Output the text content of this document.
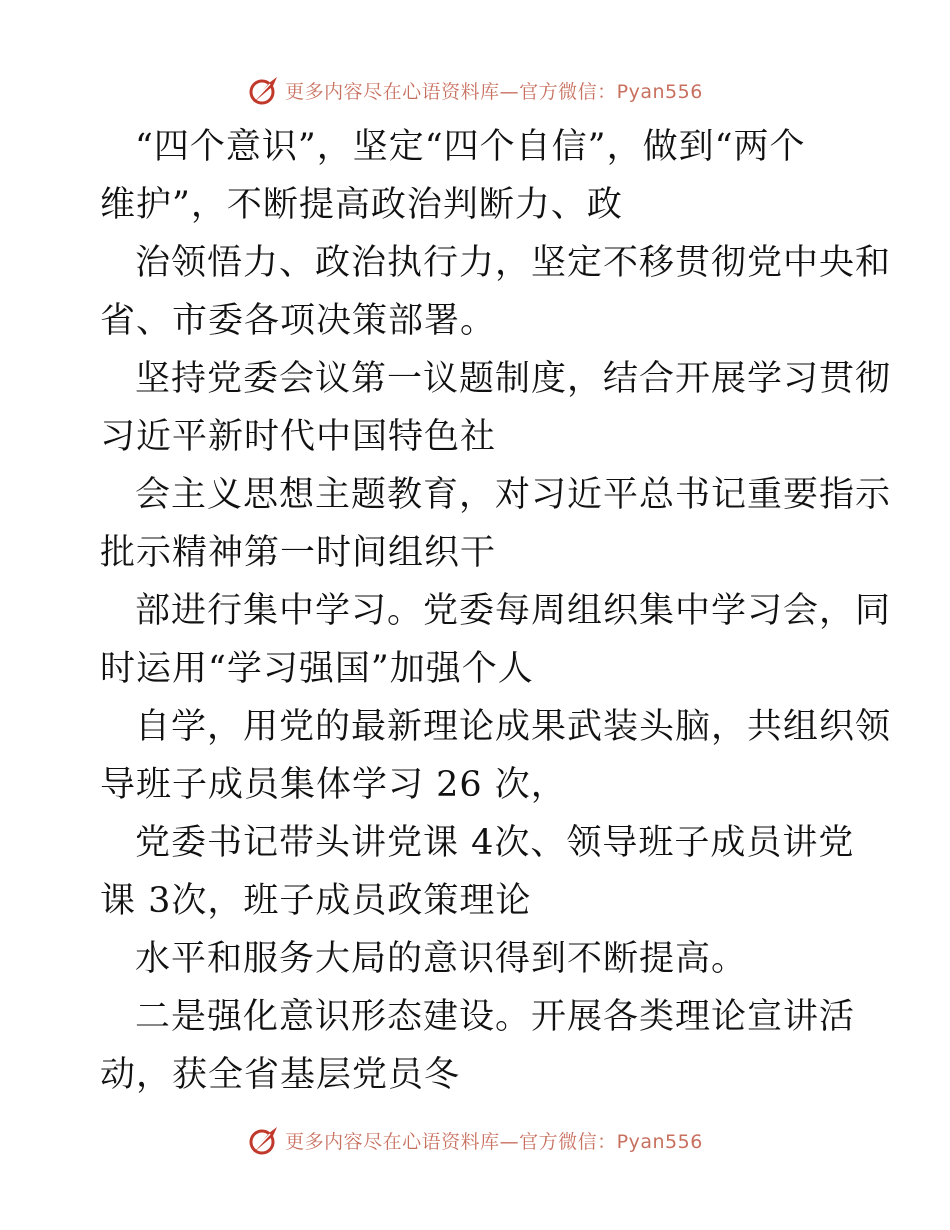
更多内容尽在心语资料库—官方微信：Pyan556
“四个意识”，坚定“四个自信”，做到“两个
维护”，不断提高政治判断力、政
治领悟力、政治执行力，坚定不移贯彻党中央和
省、市委各项决策部署。
坚持党委会议第一议题制度，结合开展学习贯彻
习近平新时代中国特色社
会主义思想主题教育，对习近平总书记重要指示
批示精神第一时间组织干
部进行集中学习。党委每周组织集中学习会，同
时运用“学习强国”加强个人
自学，用党的最新理论成果武装头脑，共组织领
导班子成员集体学习 26 次，
党委书记带头讲党课 4次、领导班子成员讲党
课 3次，班子成员政策理论
水平和服务大局的意识得到不断提高。
二是强化意识形态建设。开展各类理论宣讲活
动，获全省基层党员冬
更多内容尽在心语资料库—官方微信：Pyan556
